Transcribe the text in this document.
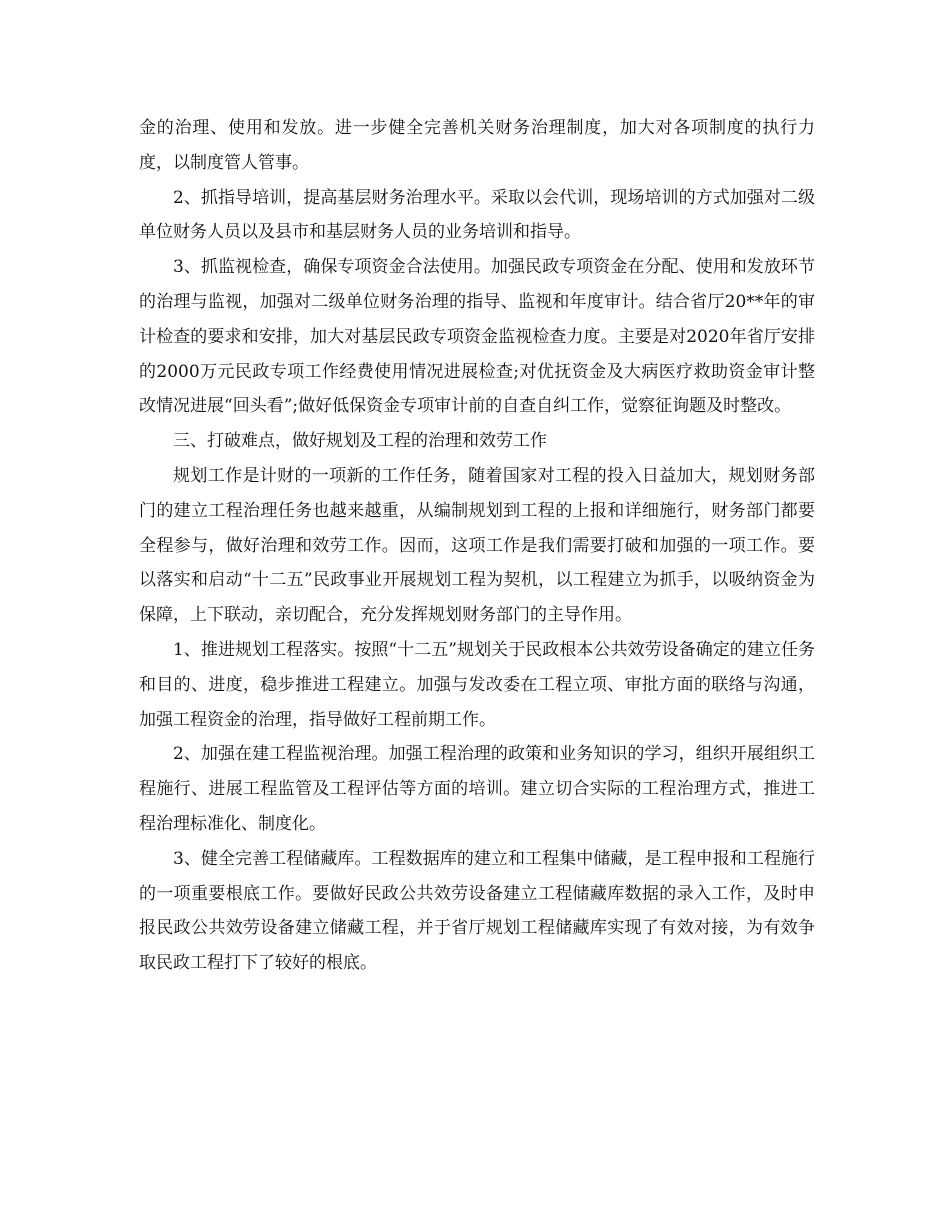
金的治理、使用和发放。进一步健全完善机关财务治理制度，加大对各项制度的执行力度，以制度管人管事。

2、抓指导培训，提高基层财务治理水平。采取以会代训，现场培训的方式加强对二级单位财务人员以及县市和基层财务人员的业务培训和指导。

3、抓监视检查，确保专项资金合法使用。加强民政专项资金在分配、使用和发放环节的治理与监视，加强对二级单位财务治理的指导、监视和年度审计。结合省厅20**年的审计检查的要求和安排，加大对基层民政专项资金监视检查力度。主要是对2020年省厅安排的2000万元民政专项工作经费使用情况进展检查;对优抚资金及大病医疗救助资金审计整改情况进展“回头看”;做好低保资金专项审计前的自查自纠工作，觉察征询题及时整改。

三、打破难点，做好规划及工程的治理和效劳工作

规划工作是计财的一项新的工作任务，随着国家对工程的投入日益加大，规划财务部门的建立工程治理任务也越来越重，从编制规划到工程的上报和详细施行，财务部门都要全程参与，做好治理和效劳工作。因而，这项工作是我们需要打破和加强的一项工作。要以落实和启动“十二五”民政事业开展规划工程为契机，以工程建立为抓手，以吸纳资金为保障，上下联动，亲切配合，充分发挥规划财务部门的主导作用。

1、推进规划工程落实。按照“十二五”规划关于民政根本公共效劳设备确定的建立任务和目的、进度，稳步推进工程建立。加强与发改委在工程立项、审批方面的联络与沟通，加强工程资金的治理，指导做好工程前期工作。

2、加强在建工程监视治理。加强工程治理的政策和业务知识的学习，组织开展组织工程施行、进展工程监管及工程评估等方面的培训。建立切合实际的工程治理方式，推进工程治理标准化、制度化。

3、健全完善工程储藏库。工程数据库的建立和工程集中储藏，是工程申报和工程施行的一项重要根底工作。要做好民政公共效劳设备建立工程储藏库数据的录入工作，及时申报民政公共效劳设备建立储藏工程，并于省厅规划工程储藏库实现了有效对接，为有效争取民政工程打下了较好的根底。
